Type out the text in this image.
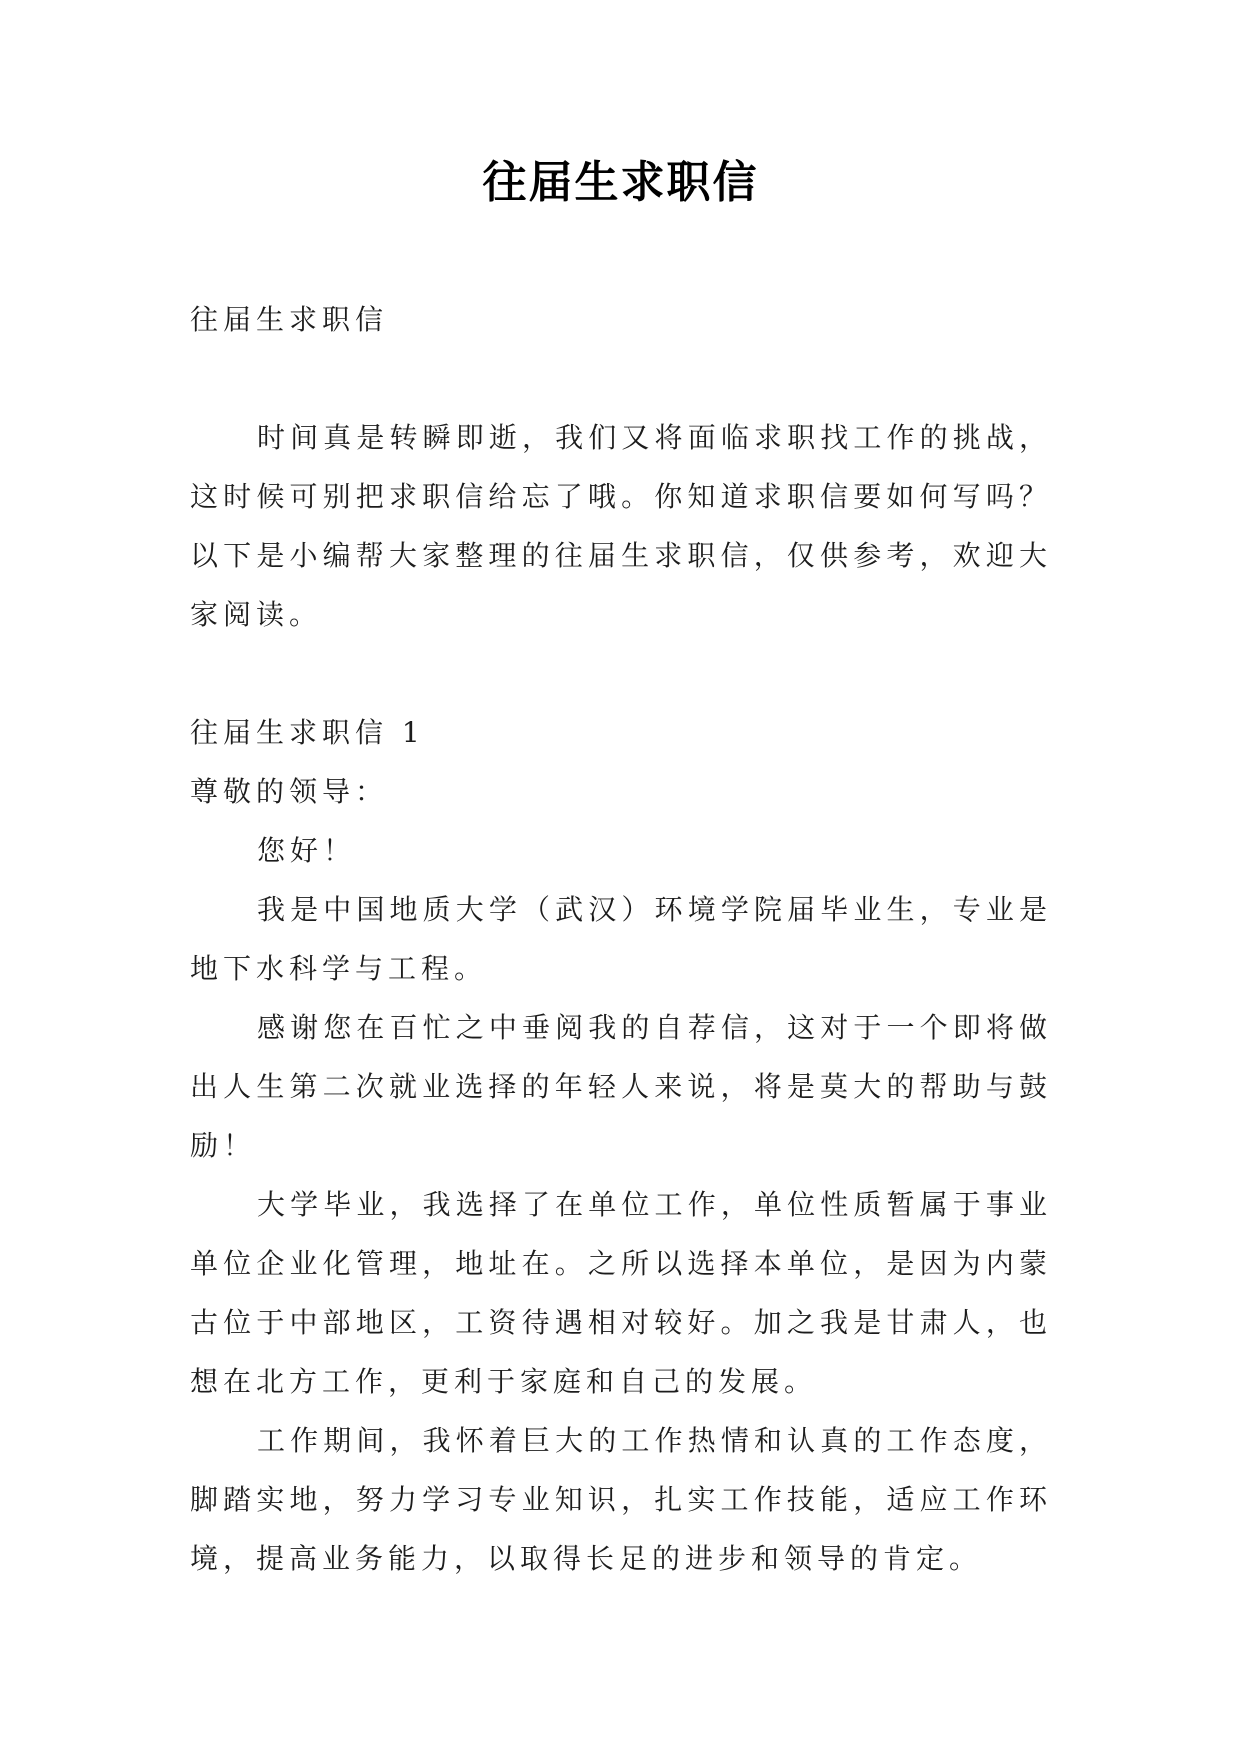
往届生求职信
往届生求职信
时间真是转瞬即逝，我们又将面临求职找工作的挑战，
这时候可别把求职信给忘了哦。你知道求职信要如何写吗？
以下是小编帮大家整理的往届生求职信，仅供参考，欢迎大
家阅读。
往届生求职信 1
尊敬的领导：
您好！
我是中国地质大学（武汉）环境学院届毕业生，专业是
地下水科学与工程。
感谢您在百忙之中垂阅我的自荐信，这对于一个即将做
出人生第二次就业选择的年轻人来说，将是莫大的帮助与鼓
励！
大学毕业，我选择了在单位工作，单位性质暂属于事业
单位企业化管理，地址在。之所以选择本单位，是因为内蒙
古位于中部地区，工资待遇相对较好。加之我是甘肃人，也
想在北方工作，更利于家庭和自己的发展。
工作期间，我怀着巨大的工作热情和认真的工作态度，
脚踏实地，努力学习专业知识，扎实工作技能，适应工作环
境，提高业务能力，以取得长足的进步和领导的肯定。
